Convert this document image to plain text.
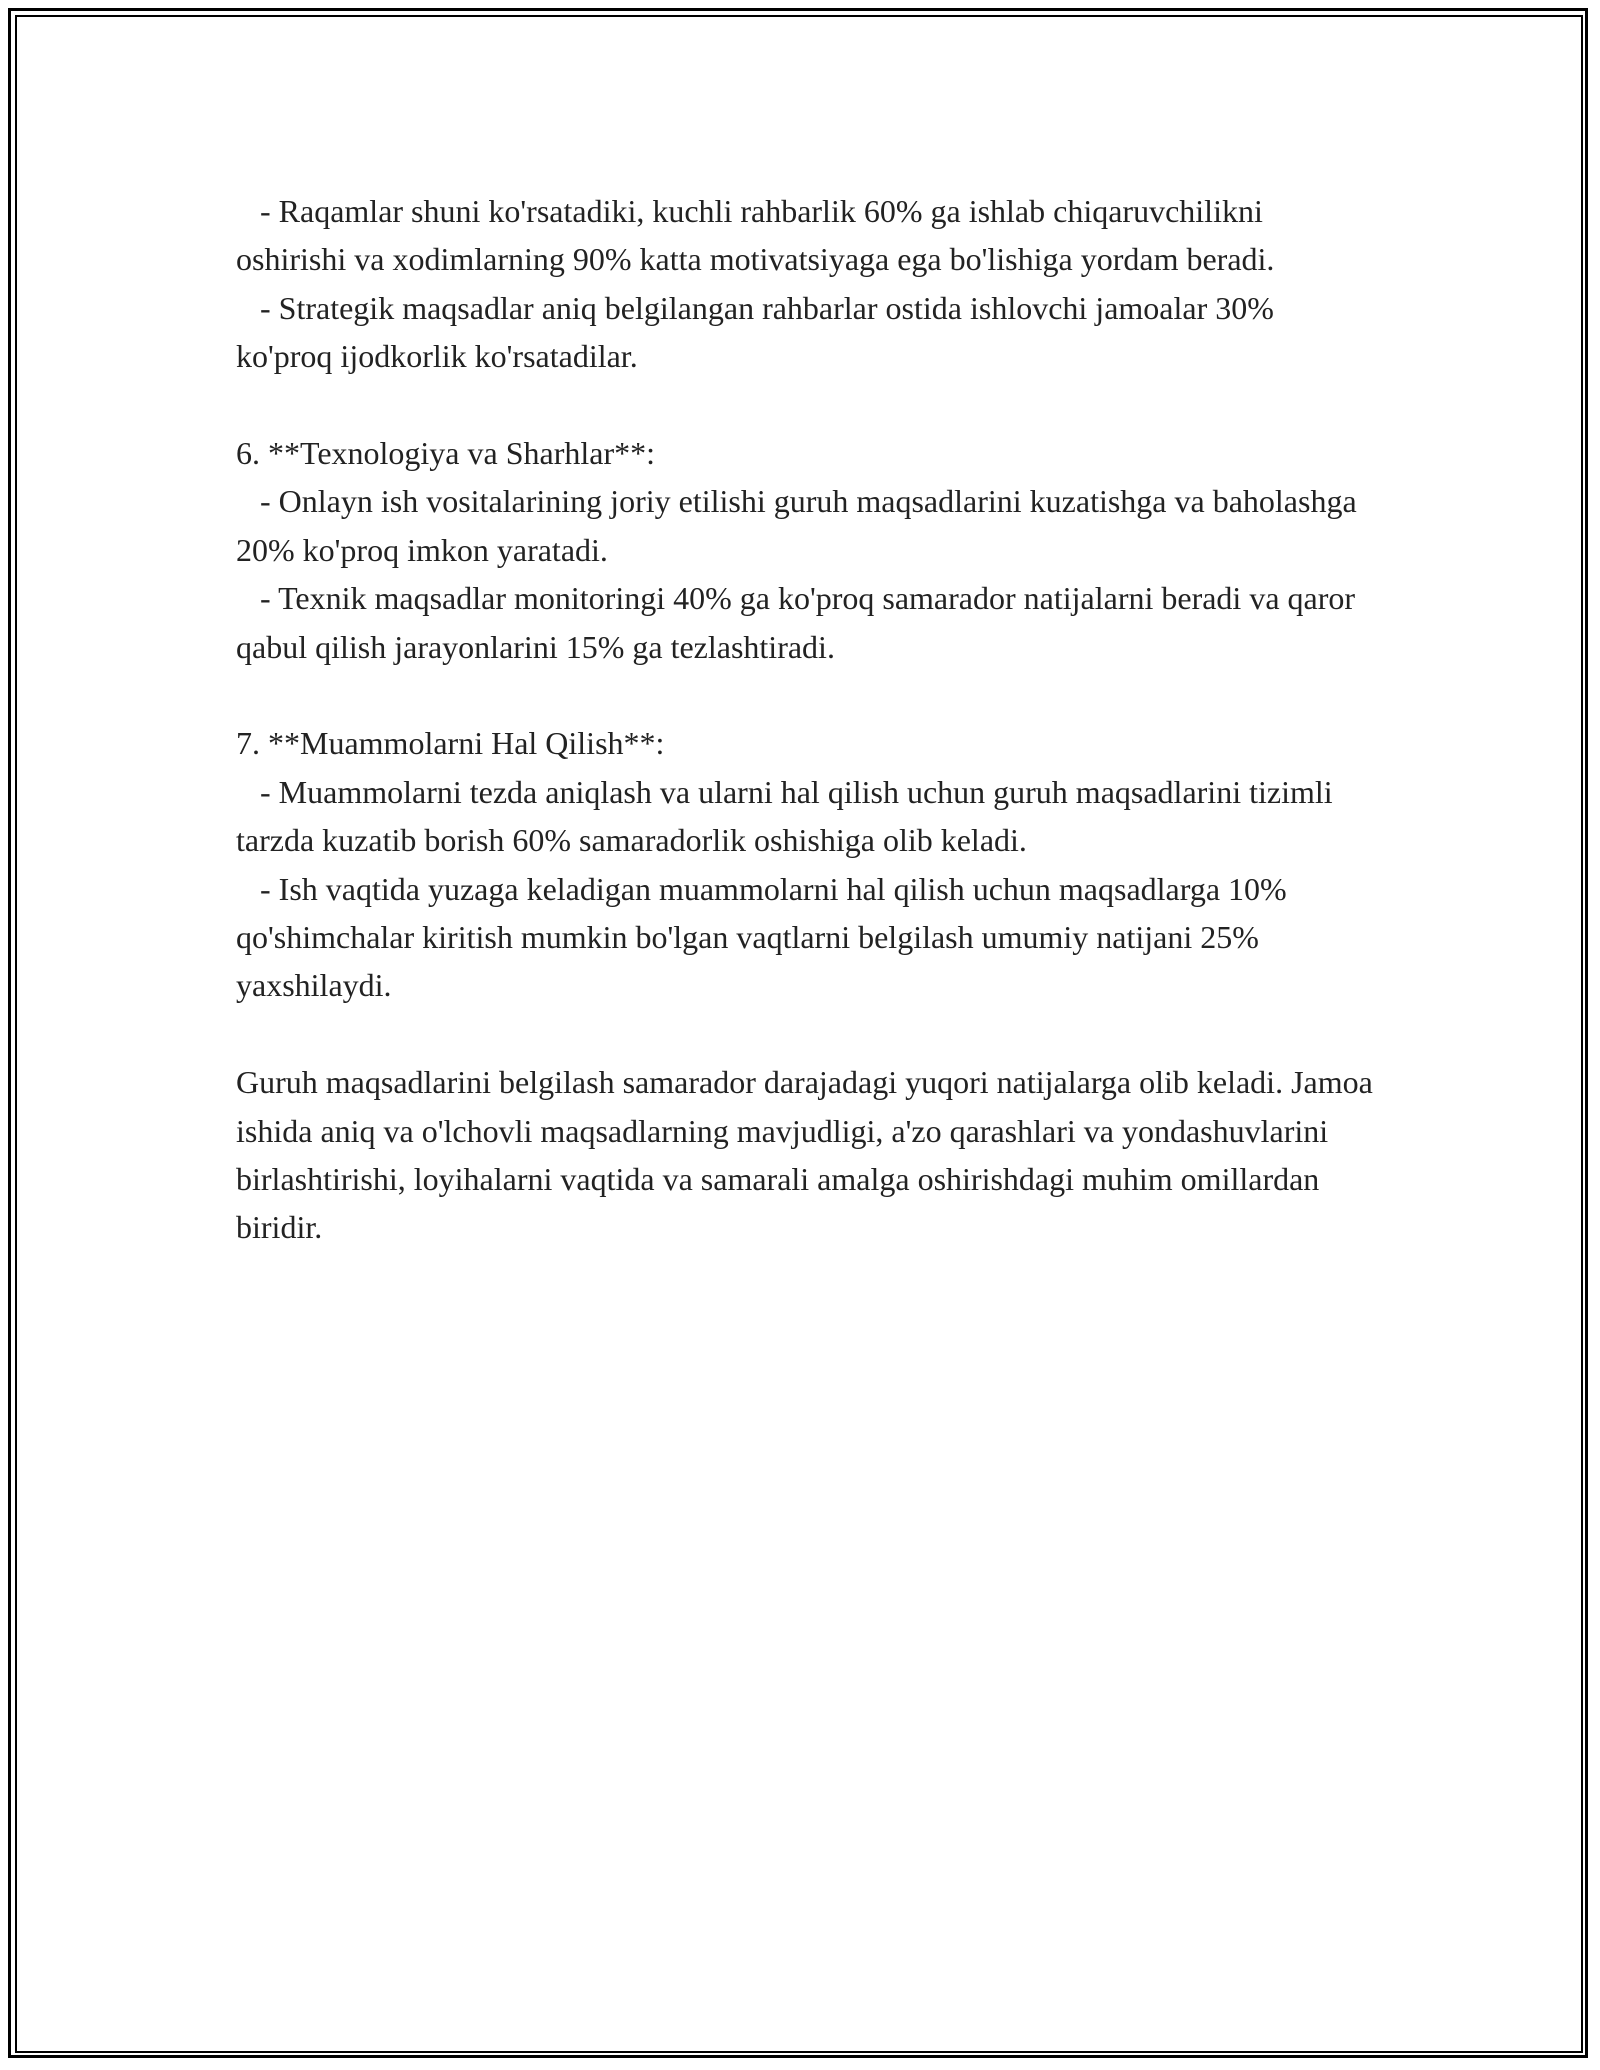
- Raqamlar shuni ko'rsatadiki, kuchli rahbarlik 60% ga ishlab chiqaruvchilikni oshirishi va xodimlarning 90% katta motivatsiyaga ega bo'lishiga yordam beradi.

- Strategik maqsadlar aniq belgilangan rahbarlar ostida ishlovchi jamoalar 30% ko'proq ijodkorlik ko'rsatadilar.

6. **Texnologiya va Sharhlar**:

- Onlayn ish vositalarining joriy etilishi guruh maqsadlarini kuzatishga va baholashga 20% ko'proq imkon yaratadi.

- Texnik maqsadlar monitoringi 40% ga ko'proq samarador natijalarni beradi va qaror qabul qilish jarayonlarini 15% ga tezlashtiradi.

7. **Muammolarni Hal Qilish**:

- Muammolarni tezda aniqlash va ularni hal qilish uchun guruh maqsadlarini tizimli tarzda kuzatib borish 60% samaradorlik oshishiga olib keladi.

- Ish vaqtida yuzaga keladigan muammolarni hal qilish uchun maqsadlarga 10% qo'shimchalar kiritish mumkin bo'lgan vaqtlarni belgilash umumiy natijani 25% yaxshilaydi.

Guruh maqsadlarini belgilash samarador darajadagi yuqori natijalarga olib keladi. Jamoa ishida aniq va o'lchovli maqsadlarning mavjudligi, a'zo qarashlari va yondashuvlarini birlashtirishi, loyihalarni vaqtida va samarali amalga oshirishdagi muhim omillardan biridir.
